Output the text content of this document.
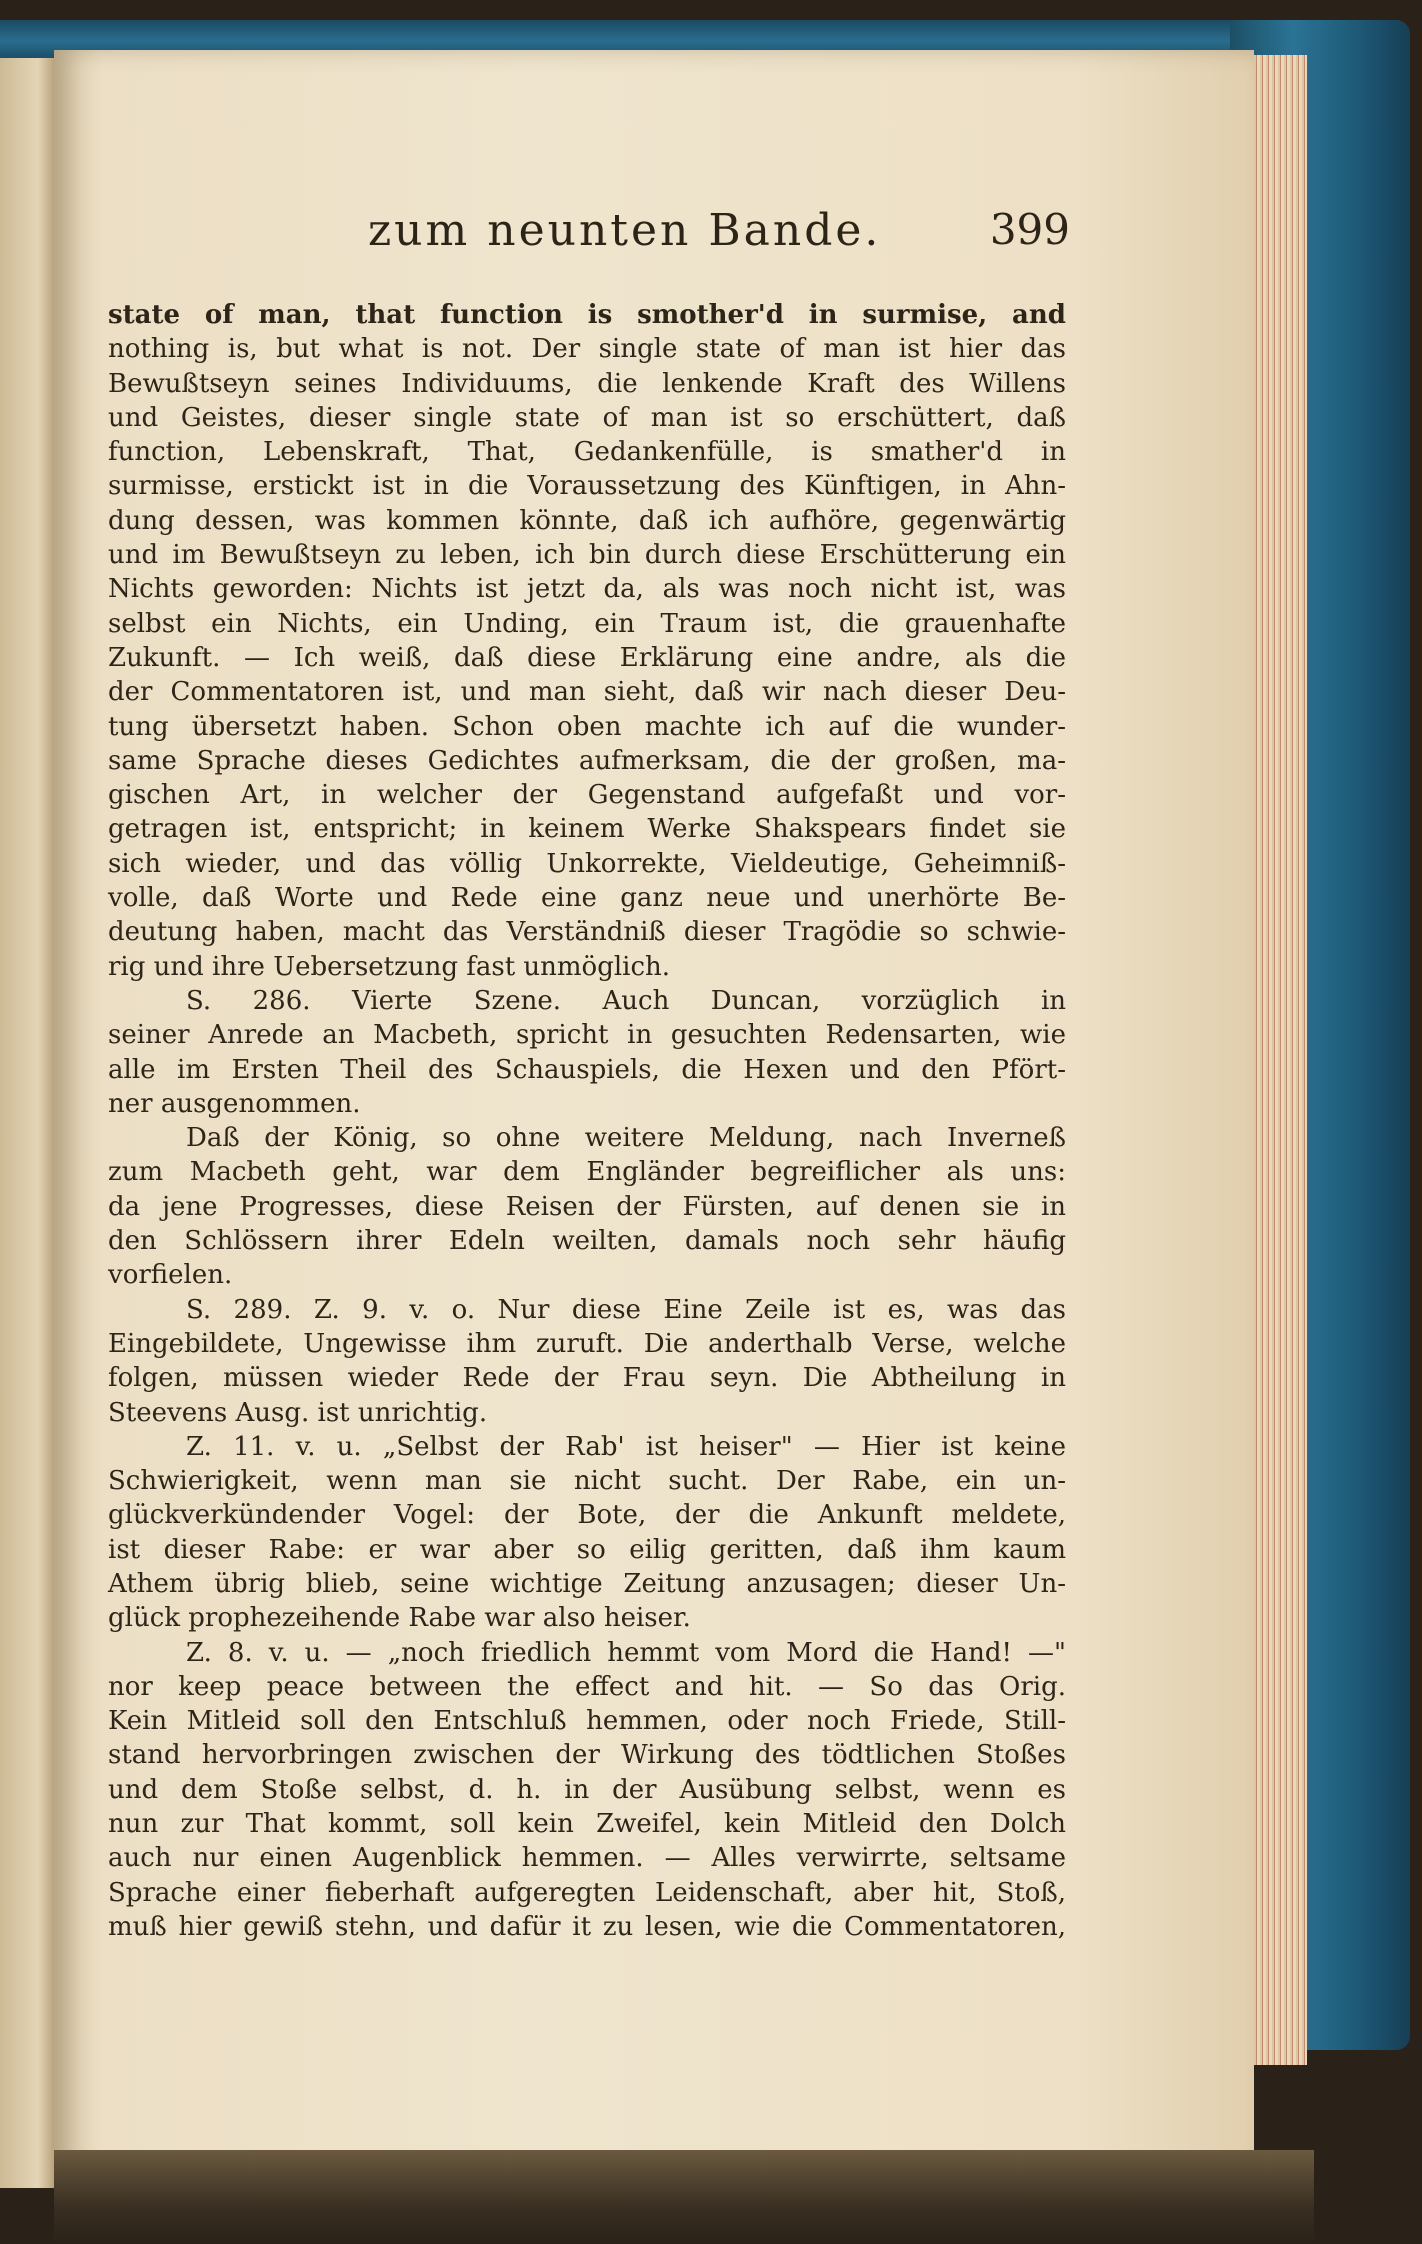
zum neunten Bande.	399
state of man, that function is smother'd in surmise, and
nothing is, but what is not. Der single state of man ist hier das
Bewußtseyn seines Individuums, die lenkende Kraft des Willens
und Geistes, dieser single state of man ist so erschüttert, daß
function, Lebenskraft, That, Gedankenfülle, is smather'd in
surmisse, erstickt ist in die Voraussetzung des Künftigen, in Ahn-
dung dessen, was kommen könnte, daß ich aufhöre, gegenwärtig
und im Bewußtseyn zu leben, ich bin durch diese Erschütterung ein
Nichts geworden: Nichts ist jetzt da, als was noch nicht ist, was
selbst ein Nichts, ein Unding, ein Traum ist, die grauenhafte
Zukunft. — Ich weiß, daß diese Erklärung eine andre, als die
der Commentatoren ist, und man sieht, daß wir nach dieser Deu-
tung übersetzt haben. Schon oben machte ich auf die wunder-
same Sprache dieses Gedichtes aufmerksam, die der großen, ma-
gischen Art, in welcher der Gegenstand aufgefaßt und vor-
getragen ist, entspricht; in keinem Werke Shakspears findet sie
sich wieder, und das völlig Unkorrekte, Vieldeutige, Geheimniß-
volle, daß Worte und Rede eine ganz neue und unerhörte Be-
deutung haben, macht das Verständniß dieser Tragödie so schwie-
rig und ihre Uebersetzung fast unmöglich.
S. 286. Vierte Szene. Auch Duncan, vorzüglich in
seiner Anrede an Macbeth, spricht in gesuchten Redensarten, wie
alle im Ersten Theil des Schauspiels, die Hexen und den Pfört-
ner ausgenommen.
Daß der König, so ohne weitere Meldung, nach Inverneß
zum Macbeth geht, war dem Engländer begreiflicher als uns:
da jene Progresses, diese Reisen der Fürsten, auf denen sie in
den Schlössern ihrer Edeln weilten, damals noch sehr häufig
vorfielen.
S. 289. Z. 9. v. o. Nur diese Eine Zeile ist es, was das
Eingebildete, Ungewisse ihm zuruft. Die anderthalb Verse, welche
folgen, müssen wieder Rede der Frau seyn. Die Abtheilung in
Steevens Ausg. ist unrichtig.
Z. 11. v. u. „Selbst der Rab' ist heiser" — Hier ist keine
Schwierigkeit, wenn man sie nicht sucht. Der Rabe, ein un-
glückverkündender Vogel: der Bote, der die Ankunft meldete,
ist dieser Rabe: er war aber so eilig geritten, daß ihm kaum
Athem übrig blieb, seine wichtige Zeitung anzusagen; dieser Un-
glück prophezeihende Rabe war also heiser.
Z. 8. v. u. — „noch friedlich hemmt vom Mord die Hand! —"
nor keep peace between the effect and hit. — So das Orig.
Kein Mitleid soll den Entschluß hemmen, oder noch Friede, Still-
stand hervorbringen zwischen der Wirkung des tödtlichen Stoßes
und dem Stoße selbst, d. h. in der Ausübung selbst, wenn es
nun zur That kommt, soll kein Zweifel, kein Mitleid den Dolch
auch nur einen Augenblick hemmen. — Alles verwirrte, seltsame
Sprache einer fieberhaft aufgeregten Leidenschaft, aber hit, Stoß,
muß hier gewiß stehn, und dafür it zu lesen, wie die Commentatoren,
